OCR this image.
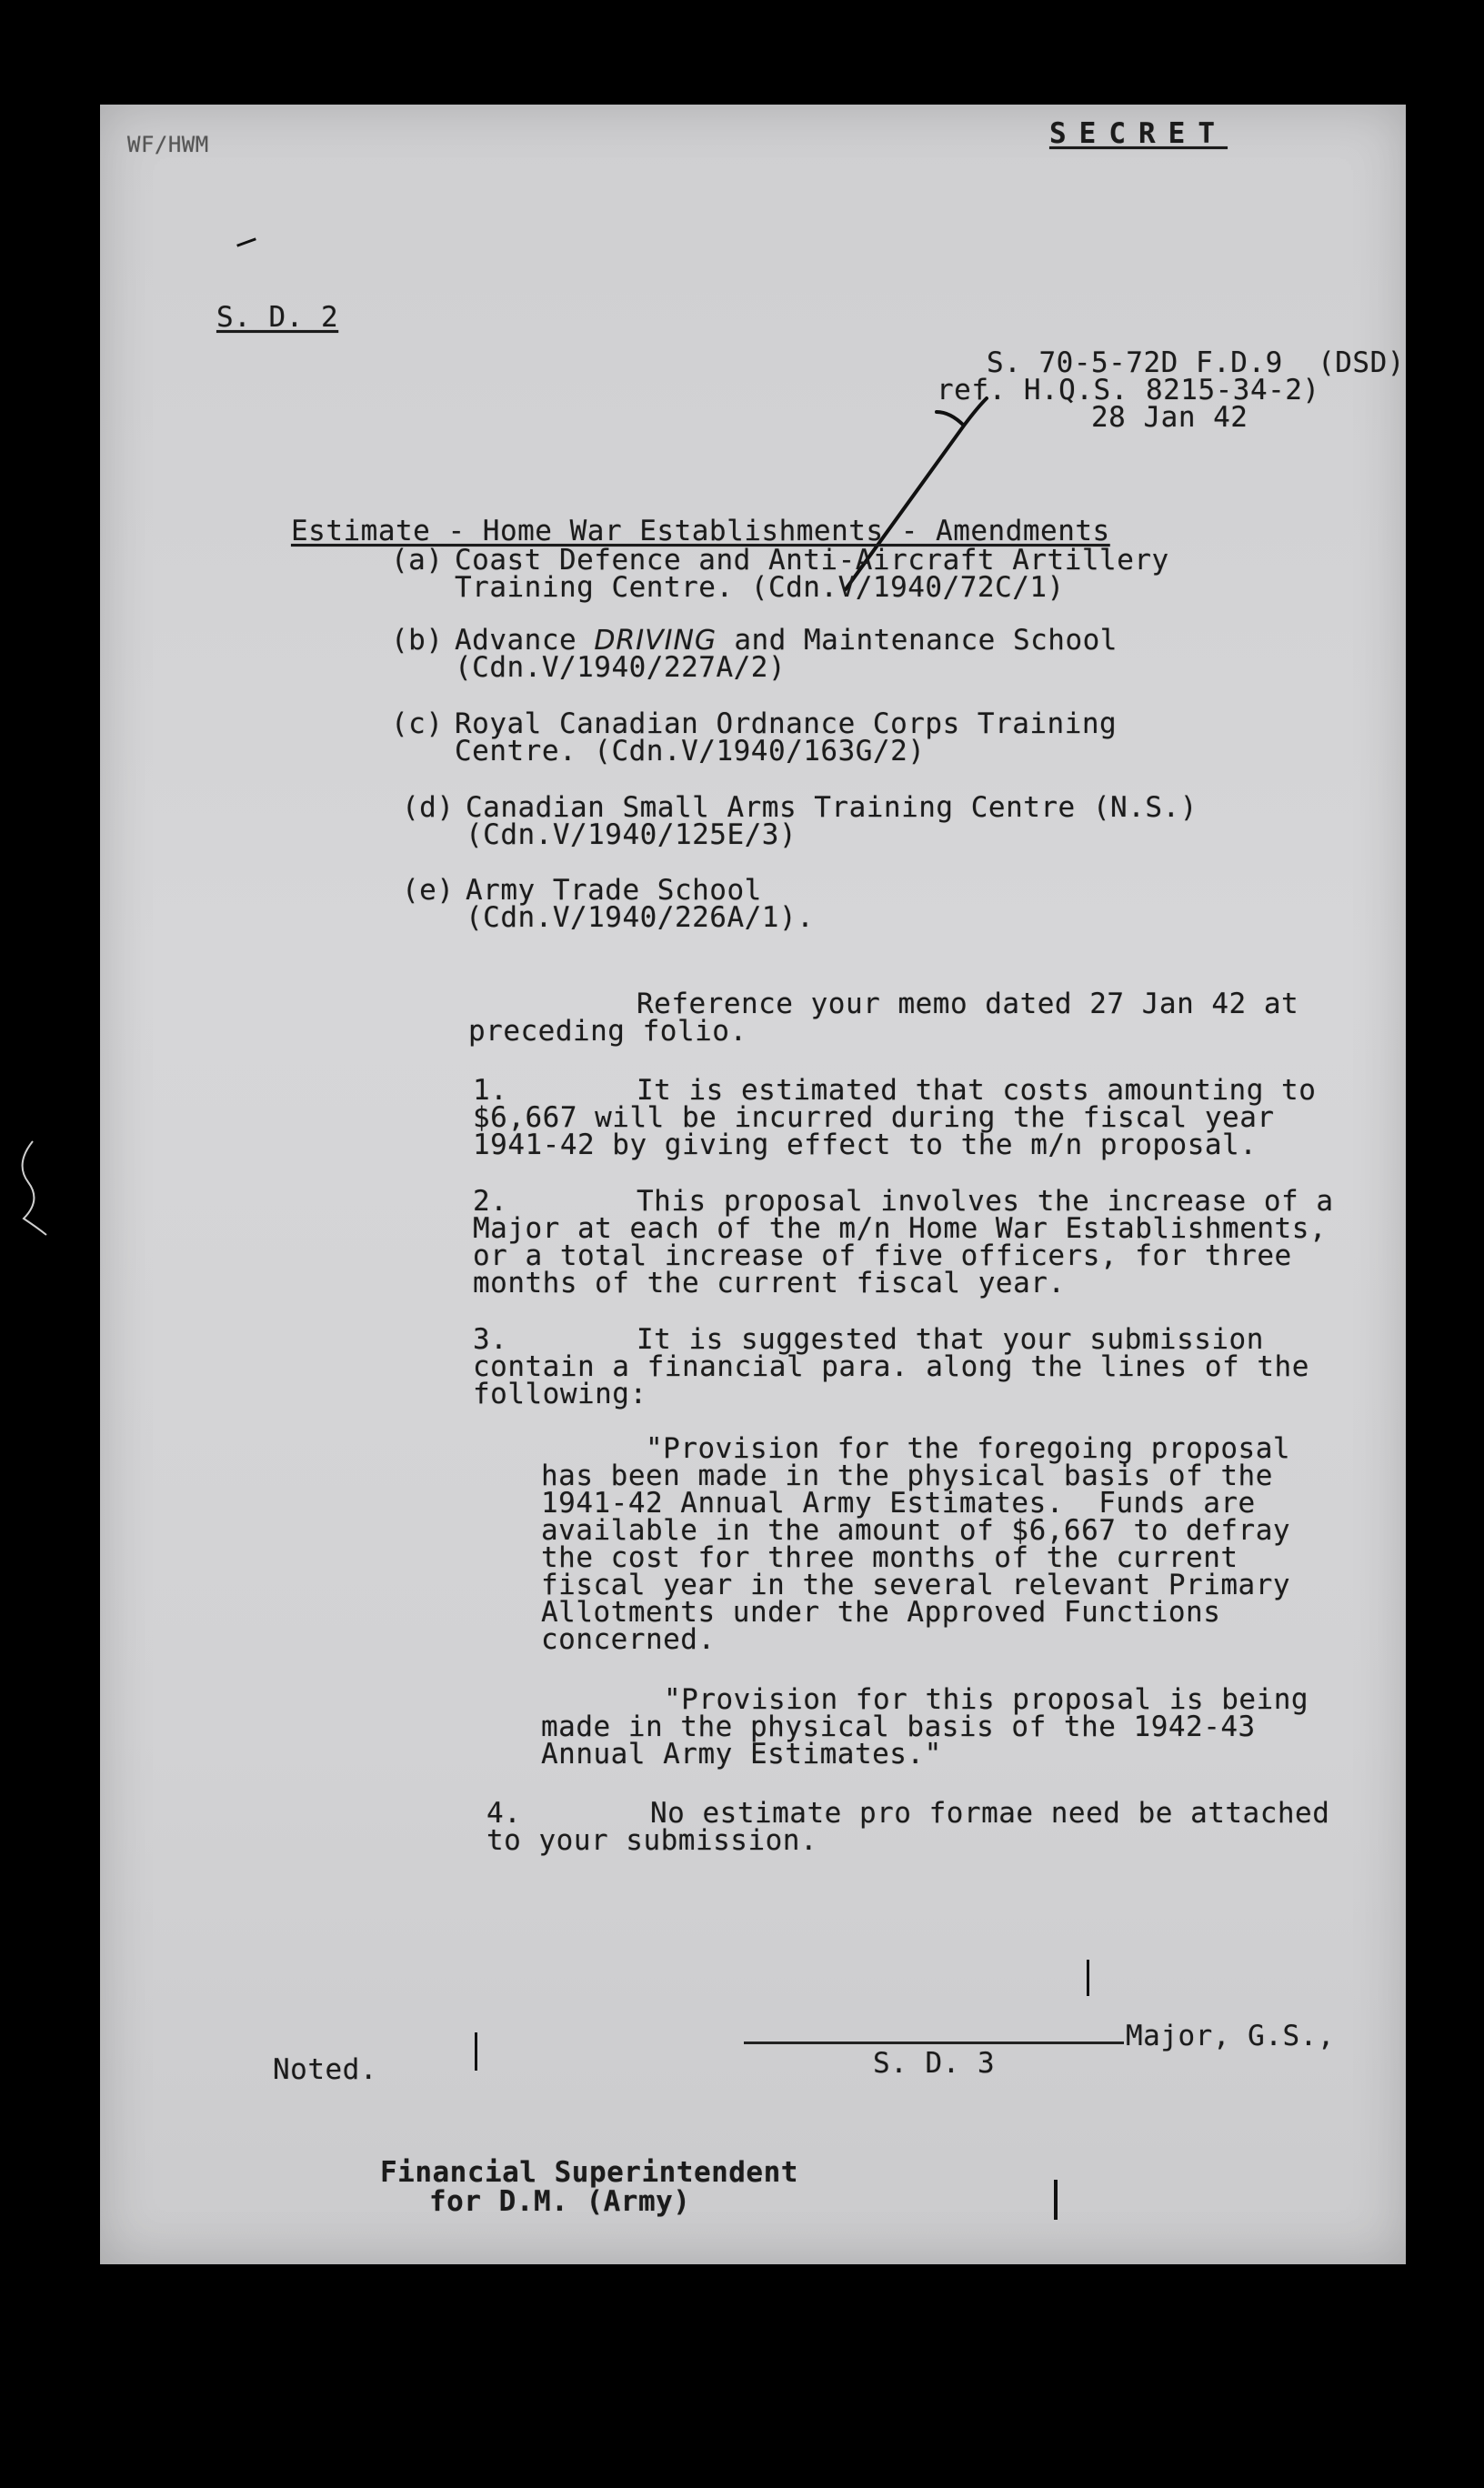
WF/HWM	SECRET
S. D. 2
S. 70-5-72D F.D.9  (DSD)
ref. H.Q.S. 8215-34-2)
28 Jan 42
Estimate - Home War Establishments - Amendments
(a) Coast Defence and Anti-Aircraft Artillery
Training Centre. (Cdn.V/1940/72C/1)
(b) Advance DRIVING and Maintenance School
(Cdn.V/1940/227A/2)
(c) Royal Canadian Ordnance Corps Training
Centre. (Cdn.V/1940/163G/2)
(d) Canadian Small Arms Training Centre (N.S.)
(Cdn.V/1940/125E/3)
(e) Army Trade School
(Cdn.V/1940/226A/1).
Reference your memo dated 27 Jan 42 at
preceding folio.
1.	It is estimated that costs amounting to
$6,667 will be incurred during the fiscal year
1941-42 by giving effect to the m/n proposal.
2.	This proposal involves the increase of a
Major at each of the m/n Home War Establishments,
or a total increase of five officers, for three
months of the current fiscal year.
3.	It is suggested that your submission
contain a financial para. along the lines of the
following:
"Provision for the foregoing proposal
has been made in the physical basis of the
1941-42 Annual Army Estimates.  Funds are
available in the amount of $6,667 to defray
the cost for three months of the current
fiscal year in the several relevant Primary
Allotments under the Approved Functions
concerned.
"Provision for this proposal is being
made in the physical basis of the 1942-43
Annual Army Estimates."
4.	No estimate pro formae need be attached
to your submission.
Major, G.S.,
S. D. 3
Noted.
Financial Superintendent
for D.M. (Army)
